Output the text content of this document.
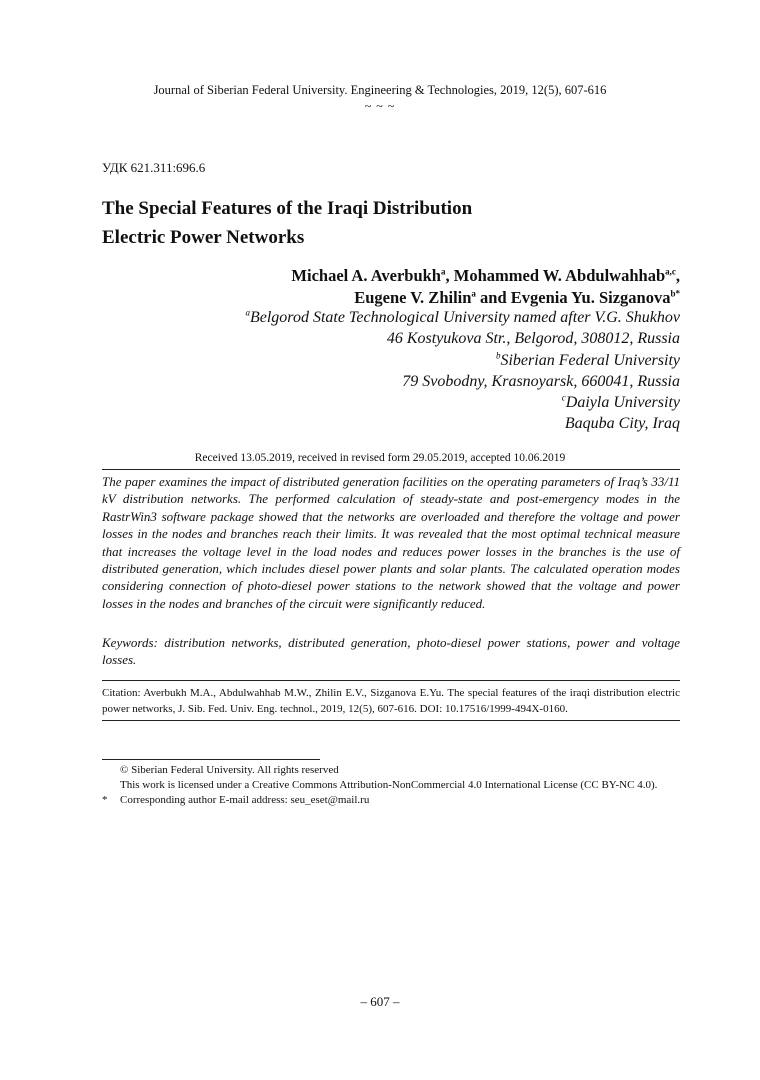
Journal of Siberian Federal University. Engineering & Technologies, 2019, 12(5), 607-616
~ ~ ~
УДК 621.311:696.6
The Special Features of the Iraqi Distribution
Electric Power Networks
Michael A. Averbukh$^a$, Mohammed W. Abdulwahhab$^{a,c}$,
Eugene V. Zhilin$^a$ and Evgenia Yu. Sizganova$^{b*}$
$^a$Belgorod State Technological University named after V.G. Shukhov
46 Kostyukova Str., Belgorod, 308012, Russia
$^b$Siberian Federal University
79 Svobodny, Krasnoyarsk, 660041, Russia
$^c$Daiyla University
Baquba City, Iraq
Received 13.05.2019, received in revised form 29.05.2019, accepted 10.06.2019
The paper examines the impact of distributed generation facilities on the operating parameters of Iraq’s 33/11 kV distribution networks. The performed calculation of steady-state and post-emergency modes in the RastrWin3 software package showed that the networks are overloaded and therefore the voltage and power losses in the nodes and branches reach their limits. It was revealed that the most optimal technical measure that increases the voltage level in the load nodes and reduces power losses in the branches is the use of distributed generation, which includes diesel power plants and solar plants. The calculated operation modes considering connection of photo-diesel power stations to the network showed that the voltage and power losses in the nodes and branches of the circuit were significantly reduced.
Keywords: distribution networks, distributed generation, photo-diesel power stations, power and voltage losses.
Citation: Averbukh M.A., Abdulwahhab M.W., Zhilin E.V., Sizganova E.Yu. The special features of the iraqi distribution electric power networks, J. Sib. Fed. Univ. Eng. technol., 2019, 12(5), 607-616. DOI: 10.17516/1999-494X-0160.
© Siberian Federal University. All rights reserved
This work is licensed under a Creative Commons Attribution-NonCommercial 4.0 International License (CC BY-NC 4.0).
* Corresponding author E-mail address: seu_eset@mail.ru
– 607 –
